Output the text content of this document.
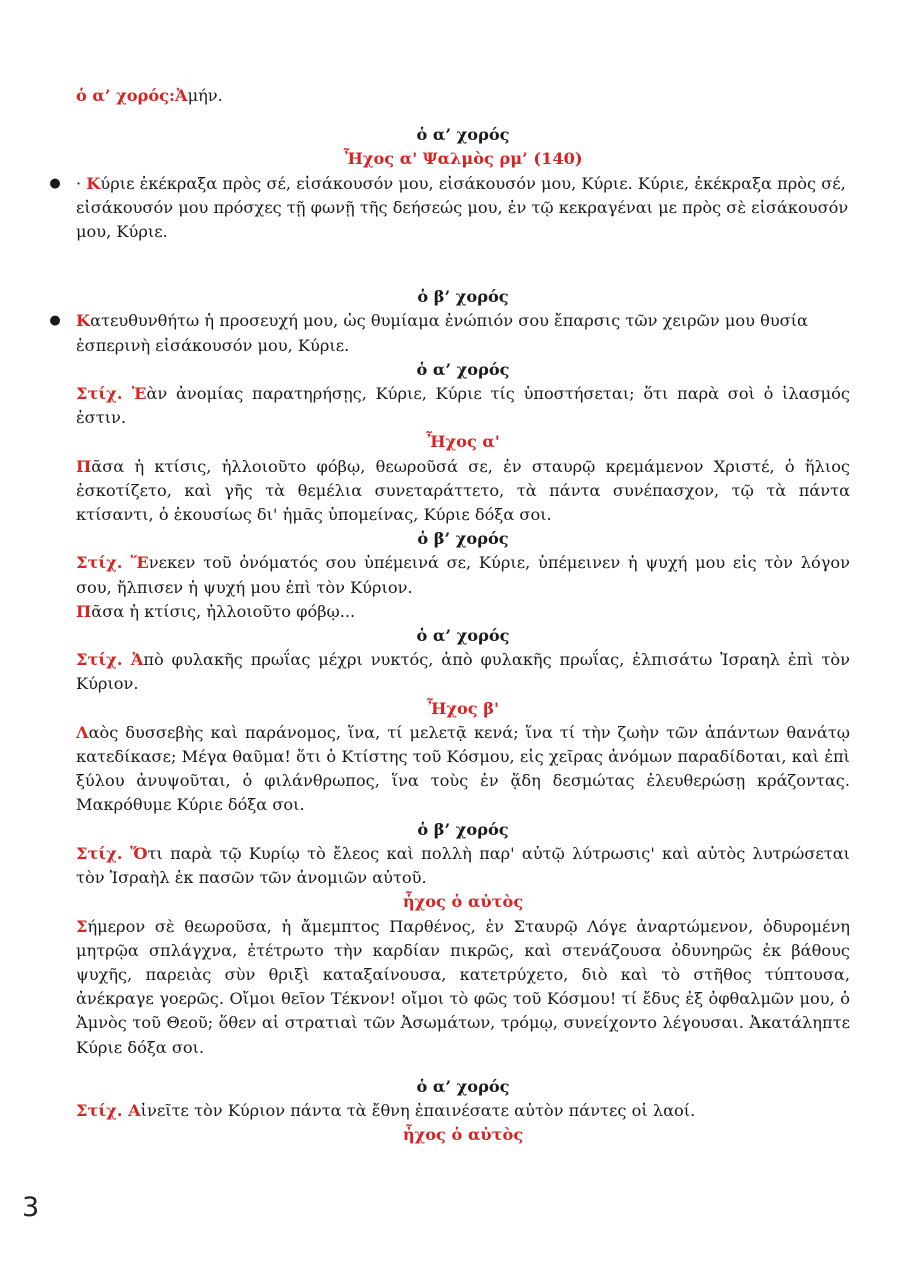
ὁ α’ χορός:Ἀμήν.
ὁ α’ χορός
Ἦχος α' Ψαλμὸς ρμ’ (140)
● · Κύριε ἐκέκραξα πρὸς σέ, εἰσάκουσόν μου, εἰσάκουσόν μου, Κύριε. Κύριε, ἐκέκραξα πρὸς σέ, εἰσάκουσόν μου πρόσχες τῇ φωνῇ τῆς δεήσεώς μου, ἐν τῷ κεκραγέναι με πρὸς σὲ εἰσάκουσόν μου, Κύριε.
ὁ β’ χορός
● Κατευθυνθήτω ἡ προσευχή μου, ὡς θυμίαμα ἐνώπιόν σου ἔπαρσις τῶν χειρῶν μου θυσία ἑσπερινὴ εἰσάκουσόν μου, Κύριε.
ὁ α’ χορός
Στίχ. Ἐὰν ἀνομίας παρατηρήσῃς, Κύριε, Κύριε τίς ὑποστήσεται; ὅτι παρὰ σοὶ ὁ ἱλασμός ἐστιν.
Ἦχος α'
Πᾶσα ἡ κτίσις, ἠλλοιοῦτο φόβῳ, θεωροῦσά σε, ἐν σταυρῷ κρεμάμενον Χριστέ, ὁ ἥλιος ἐσκοτίζετο, καὶ γῆς τὰ θεμέλια συνεταράττετο, τὰ πάντα συνέπασχον, τῷ τὰ πάντα κτίσαντι, ὁ ἑκουσίως δι' ἡμᾶς ὑπομείνας, Κύριε δόξα σοι.
ὁ β’ χορός
Στίχ. Ἕνεκεν τοῦ ὀνόματός σου ὑπέμεινά σε, Κύριε, ὑπέμεινεν ἡ ψυχή μου εἰς τὸν λόγον σου, ἤλπισεν ἡ ψυχή μου ἐπὶ τὸν Κύριον.
Πᾶσα ἡ κτίσις, ἠλλοιοῦτο φόβῳ...
ὁ α’ χορός
Στίχ. Ἀπὸ φυλακῆς πρωΐας μέχρι νυκτός, ἀπὸ φυλακῆς πρωΐας, ἐλπισάτω Ἰσραηλ ἐπὶ τὸν Κύριον.
Ἦχος β'
Λαὸς δυσσεβὴς καὶ παράνομος, ἵνα, τί μελετᾷ κενά; ἵνα τί τὴν ζωὴν τῶν ἁπάντων θανάτῳ κατεδίκασε; Μέγα θαῦμα! ὅτι ὁ Κτίστης τοῦ Κόσμου, εἰς χεῖρας ἀνόμων παραδίδοται, καὶ ἐπὶ ξύλου ἀνυψοῦται, ὁ φιλάνθρωπος, ἵνα τοὺς ἐν ᾅδη δεσμώτας ἐλευθερώσῃ κράζοντας. Μακρόθυμε Κύριε δόξα σοι.
ὁ β’ χορός
Στίχ. Ὅτι παρὰ τῷ Κυρίῳ τὸ ἔλεος καὶ πολλὴ παρ' αὐτῷ λύτρωσις' καὶ αὐτὸς λυτρώσεται τὸν Ἰσραὴλ ἐκ πασῶν τῶν ἀνομιῶν αὐτοῦ.
ἦχος ὁ αὐτὸς
Σήμερον σὲ θεωροῦσα, ἡ ἄμεμπτος Παρθένος, ἐν Σταυρῷ Λόγε ἀναρτώμενον, ὀδυρομένη μητρῷα σπλάγχνα, ἐτέτρωτο τὴν καρδίαν πικρῶς, καὶ στενάζουσα ὀδυνηρῶς ἐκ βάθους ψυχῆς, παρειὰς σὺν θριξὶ καταξαίνουσα, κατετρύχετο, διὸ καὶ τὸ στῆθος τύπτουσα, ἀνέκραγε γοερῶς. Οἴμοι θεῖον Τέκνον! οἴμοι τὸ φῶς τοῦ Κόσμου! τί ἔδυς ἐξ ὀφθαλμῶν μου, ὁ Ἀμνὸς τοῦ Θεοῦ; ὅθεν αἱ στρατιαὶ τῶν Ἀσωμάτων, τρόμῳ, συνείχοντο λέγουσαι. Ἀκατάληπτε Κύριε δόξα σοι.
ὁ α’ χορός
Στίχ. Αἰνεῖτε τὸν Κύριον πάντα τὰ ἔθνη ἐπαινέσατε αὐτὸν πάντες οἱ λαοί.
ἦχος ὁ αὐτὸς
3
